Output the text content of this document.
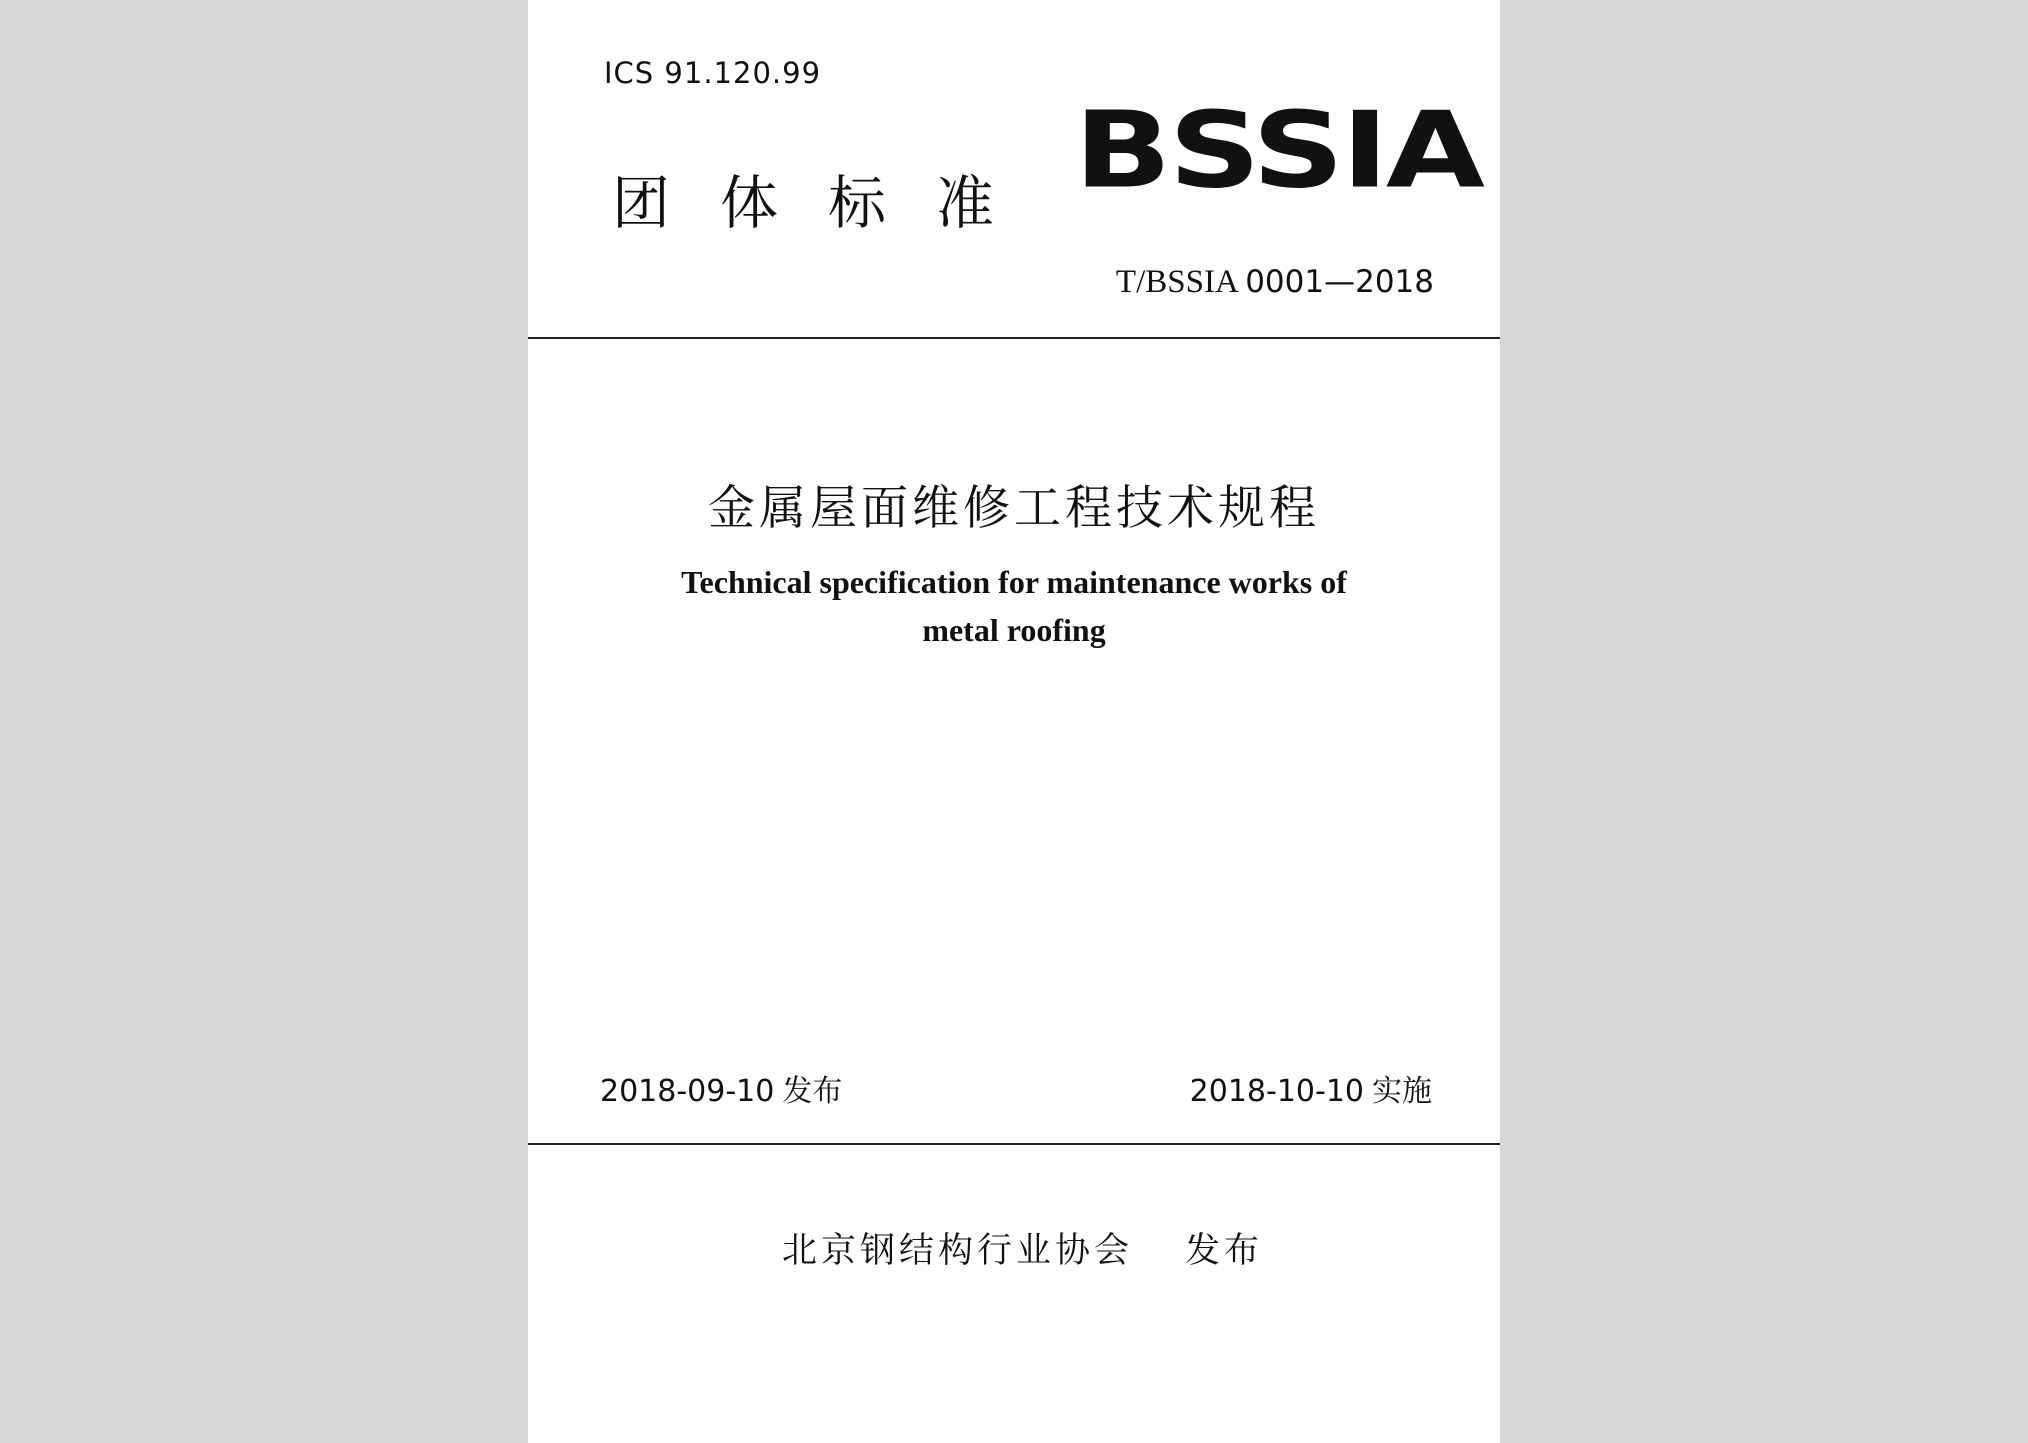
ICS 91.120.99
团体标准 BSSIA
T/BSSIA 0001—2018
金属屋面维修工程技术规程
Technical specification for maintenance works of
metal roofing
2018-09-10 发布	2018-10-10 实施
北京钢结构行业协会 发布
